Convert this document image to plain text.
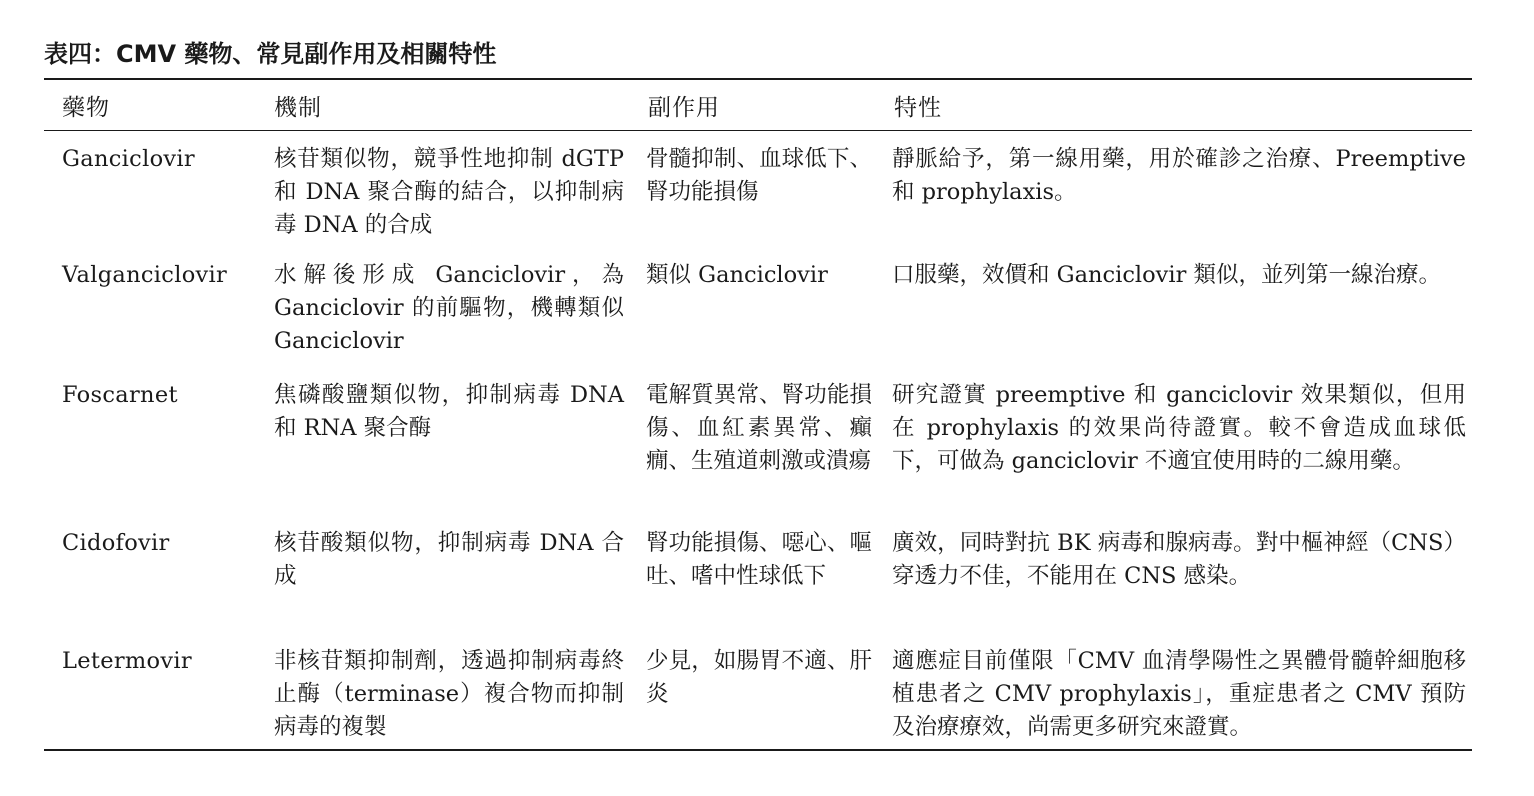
表四：CMV 藥物、常見副作用及相關特性
藥物	機制	副作用	特性
Ganciclovir	核苷類似物，競爭性地抑制 dGTP 和 DNA 聚合酶的結合，以抑制病毒 DNA 的合成	骨髓抑制、血球低下、腎功能損傷	靜脈給予，第一線用藥，用於確診之治療、Preemptive 和 prophylaxis。
Valganciclovir	水解後形成 Ganciclovir，為 Ganciclovir 的前驅物，機轉類似 Ganciclovir	類似 Ganciclovir	口服藥，效價和 Ganciclovir 類似，並列第一線治療。
Foscarnet	焦磷酸鹽類似物，抑制病毒 DNA 和 RNA 聚合酶	電解質異常、腎功能損傷、血紅素異常、癲癇、生殖道刺激或潰瘍	研究證實 preemptive 和 ganciclovir 效果類似，但用在 prophylaxis 的效果尚待證實。較不會造成血球低下，可做為 ganciclovir 不適宜使用時的二線用藥。
Cidofovir	核苷酸類似物，抑制病毒 DNA 合成	腎功能損傷、噁心、嘔吐、嗜中性球低下	廣效，同時對抗 BK 病毒和腺病毒。對中樞神經（CNS）穿透力不佳，不能用在 CNS 感染。
Letermovir	非核苷類抑制劑，透過抑制病毒終止酶（terminase）複合物而抑制病毒的複製	少見，如腸胃不適、肝炎	適應症目前僅限「CMV 血清學陽性之異體骨髓幹細胞移植患者之 CMV prophylaxis」，重症患者之 CMV 預防及治療療效，尚需更多研究來證實。
